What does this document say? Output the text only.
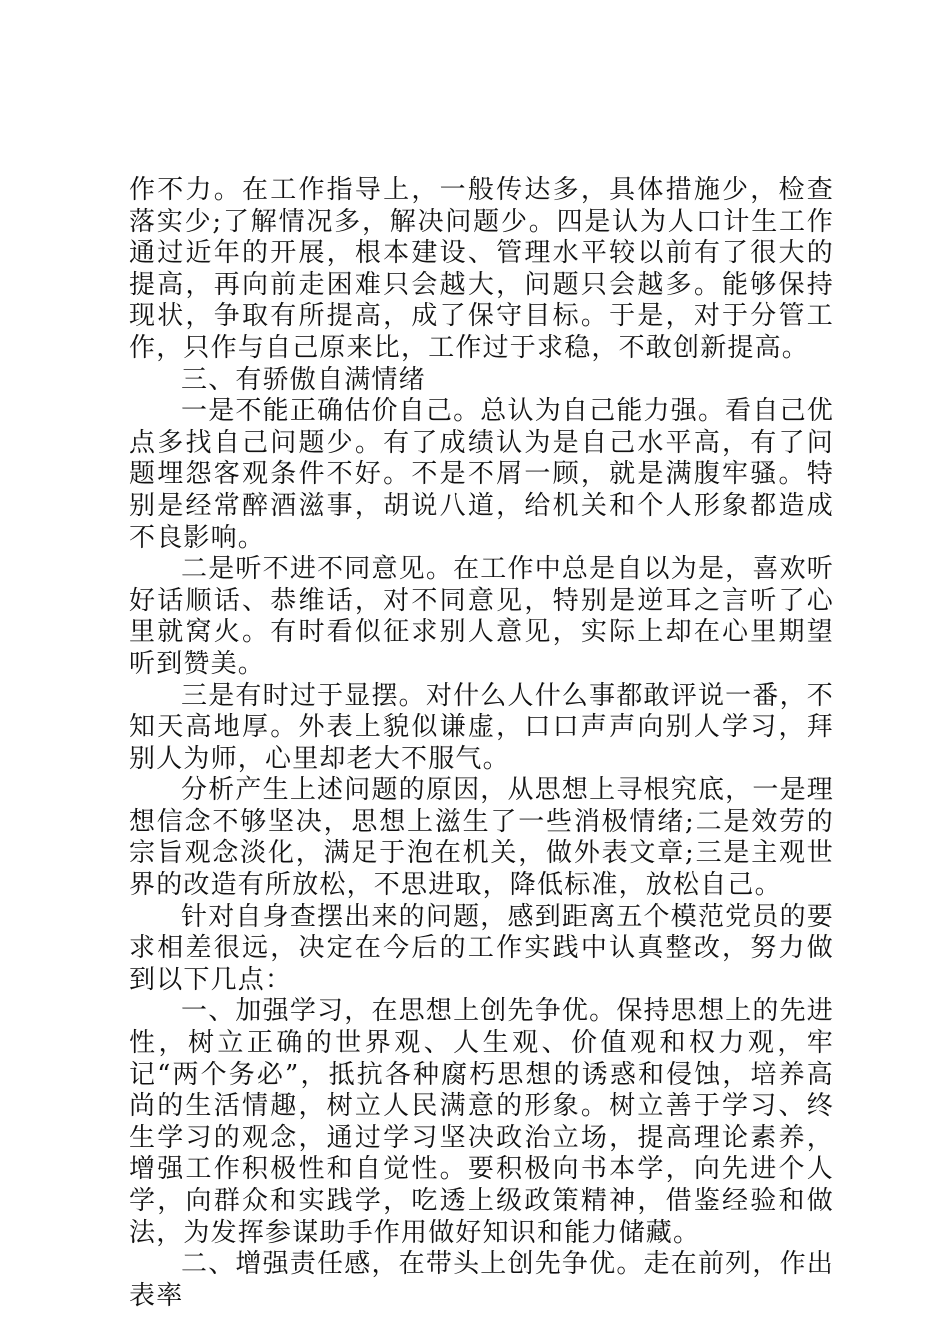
作不力。在工作指导上，一般传达多，具体措施少，检查落实少;了解情况多，解决问题少。四是认为人口计生工作通过近年的开展，根本建设、管理水平较以前有了很大的提高，再向前走困难只会越大，问题只会越多。能够保持现状，争取有所提高，成了保守目标。于是，对于分管工作，只作与自己原来比，工作过于求稳，不敢创新提高。

三、有骄傲自满情绪

一是不能正确估价自己。总认为自己能力强。看自己优点多找自己问题少。有了成绩认为是自己水平高，有了问题埋怨客观条件不好。不是不屑一顾，就是满腹牢骚。特别是经常醉酒滋事，胡说八道，给机关和个人形象都造成不良影响。

二是听不进不同意见。在工作中总是自以为是，喜欢听好话顺话、恭维话，对不同意见，特别是逆耳之言听了心里就窝火。有时看似征求别人意见，实际上却在心里期望听到赞美。

三是有时过于显摆。对什么人什么事都敢评说一番，不知天高地厚。外表上貌似谦虚，口口声声向别人学习，拜别人为师，心里却老大不服气。

分析产生上述问题的原因，从思想上寻根究底，一是理想信念不够坚决，思想上滋生了一些消极情绪;二是效劳的宗旨观念淡化，满足于泡在机关，做外表文章;三是主观世界的改造有所放松，不思进取，降低标准，放松自己。

针对自身查摆出来的问题，感到距离五个模范党员的要求相差很远，决定在今后的工作实践中认真整改，努力做到以下几点：

一、加强学习，在思想上创先争优。保持思想上的先进性，树立正确的世界观、人生观、价值观和权力观，牢记“两个务必”，抵抗各种腐朽思想的诱惑和侵蚀，培养高尚的生活情趣，树立人民满意的形象。树立善于学习、终生学习的观念，通过学习坚决政治立场，提高理论素养，增强工作积极性和自觉性。要积极向书本学，向先进个人学，向群众和实践学，吃透上级政策精神，借鉴经验和做法，为发挥参谋助手作用做好知识和能力储藏。

二、增强责任感，在带头上创先争优。走在前列，作出表率
